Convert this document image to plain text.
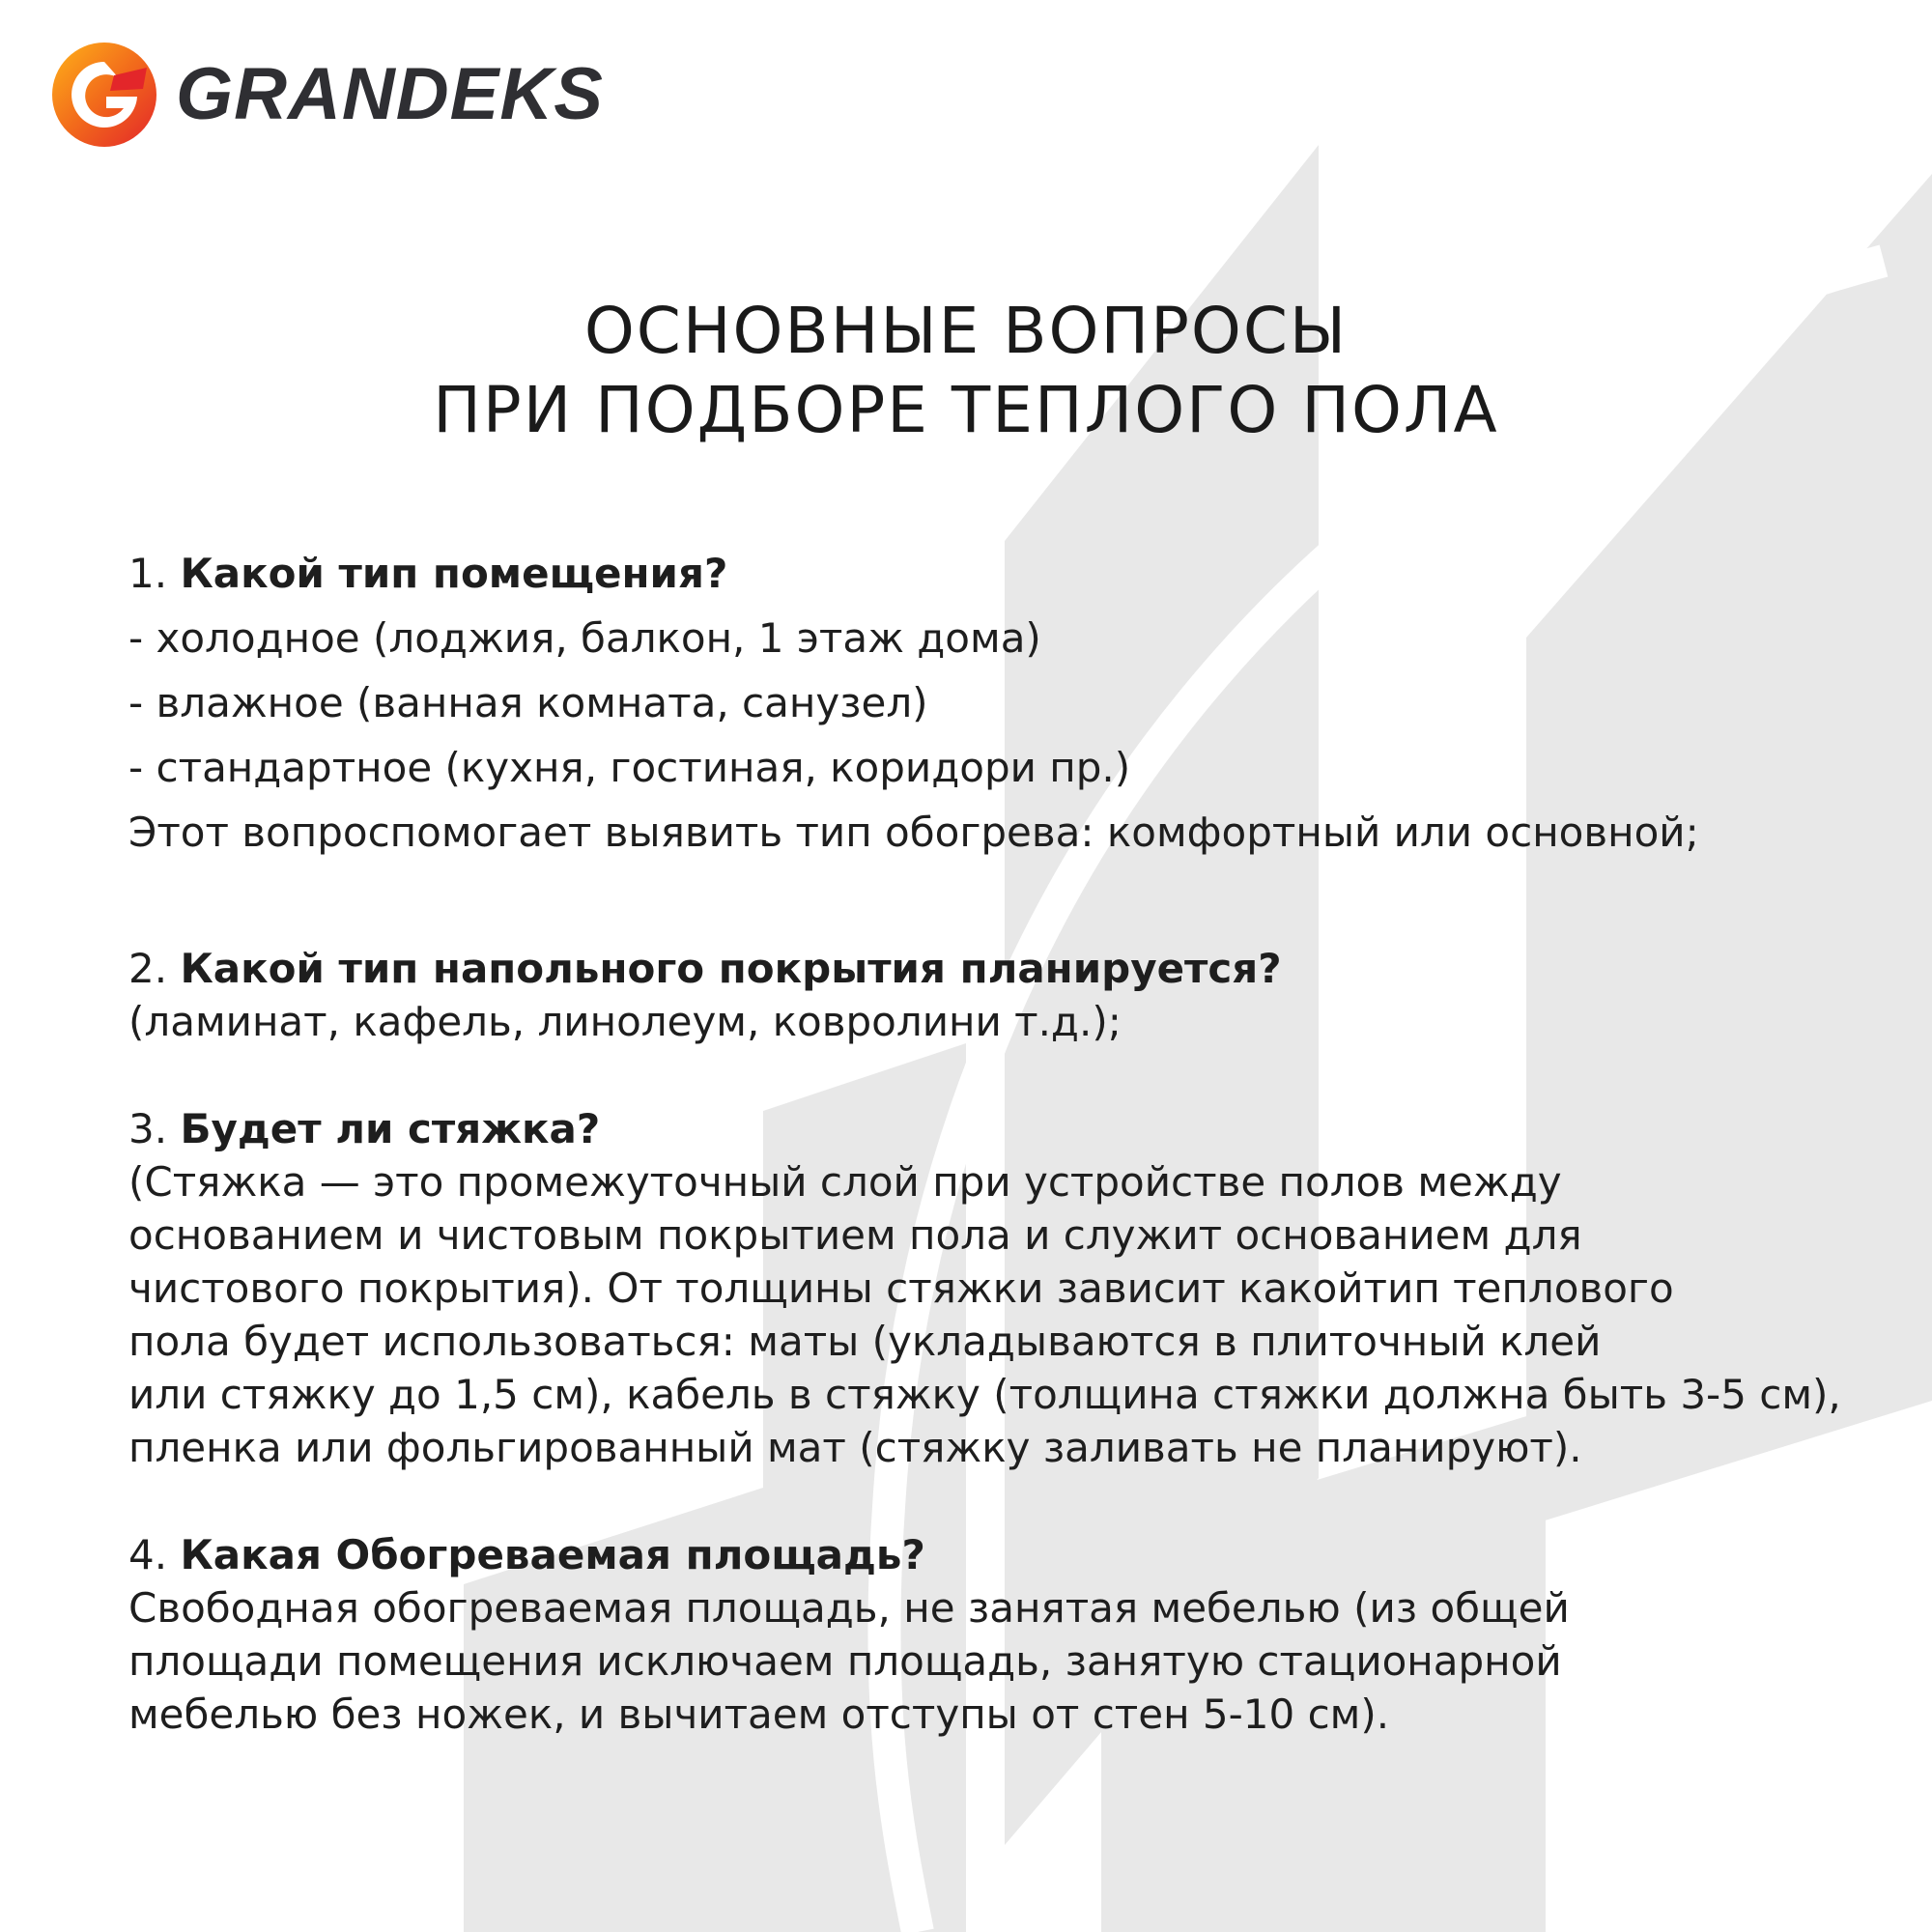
GRANDEKS
ОСНОВНЫЕ ВОПРОСЫ
ПРИ ПОДБОРЕ ТЕПЛОГО ПОЛА
1. Какой тип помещения?
- холодное (лоджия, балкон, 1 этаж дома)
- влажное (ванная комната, санузел)
- стандартное (кухня, гостиная, коридори пр.)
Этот вопроспомогает выявить тип обогрева: комфортный или основной;
2. Какой тип напольного покрытия планируется?
(ламинат, кафель, линолеум, ковролини т.д.);
3. Будет ли стяжка?
(Стяжка — это промежуточный слой при устройстве полов между
основанием и чистовым покрытием пола и служит основанием для
чистового покрытия). От толщины стяжки зависит какойтип теплового
пола будет использоваться: маты (укладываются в плиточный клей
или стяжку до 1,5 см), кабель в стяжку (толщина стяжки должна быть 3-5 см),
пленка или фольгированный мат (стяжку заливать не планируют).
4. Какая Обогреваемая площадь?
Свободная обогреваемая площадь, не занятая мебелью (из общей
площади помещения исключаем площадь, занятую стационарной
мебелью без ножек, и вычитаем отступы от стен 5-10 см).
